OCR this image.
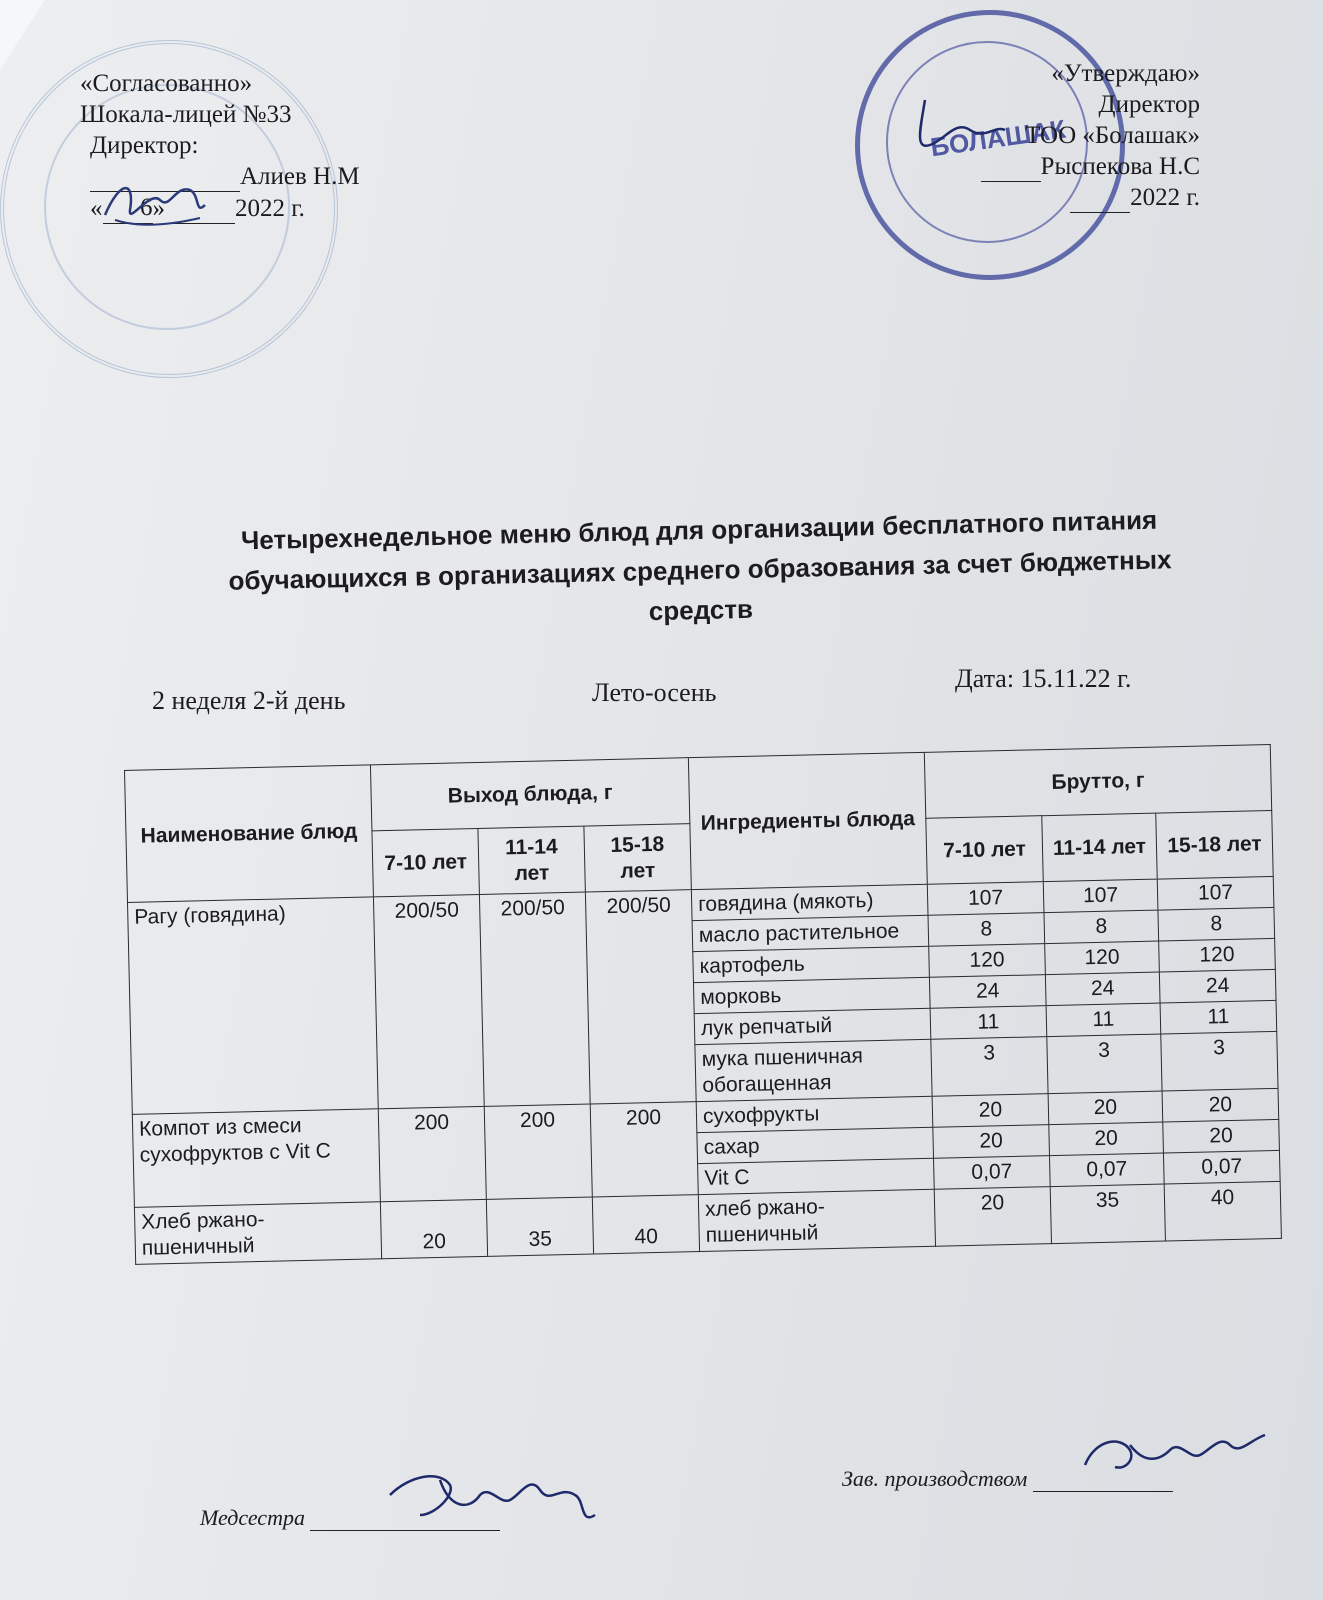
БОЛАШАК
«Согласованно»
Шокала-лицей №33
Директор:
Алиев Н.М
« 6»	2022 г.
«Утверждаю»
Директор
ТОО «Болашак»
Рыспекова Н.С
2022 г.
Четырехнедельное меню блюд для организации бесплатного питания
обучающихся в организациях среднего образования за счет бюджетных
средств
2 неделя 2-й день	Лето-осень	Дата: 15.11.22 г.
Наименование блюд	Выход блюда, г			Ингредиенты блюда	Брутто, г		
	7-10 лет	11-14 лет	15-18 лет		7-10 лет	11-14 лет	15-18 лет
Рагу (говядина)	200/50	200/50	200/50	говядина (мякоть)	107	107	107
				масло растительное	8	8	8
				картофель	120	120	120
				морковь	24	24	24
				лук репчатый	11	11	11
				мука пшеничная обогащенная	3	3	3
Компот из смеси сухофруктов с Vit C	200	200	200	сухофрукты	20	20	20
				сахар	20	20	20
				Vit C	0,07	0,07	0,07
Хлеб ржано-пшеничный	20	35	40	хлеб ржано-пшеничный	20	35	40
Медсестра
Зав. производством
